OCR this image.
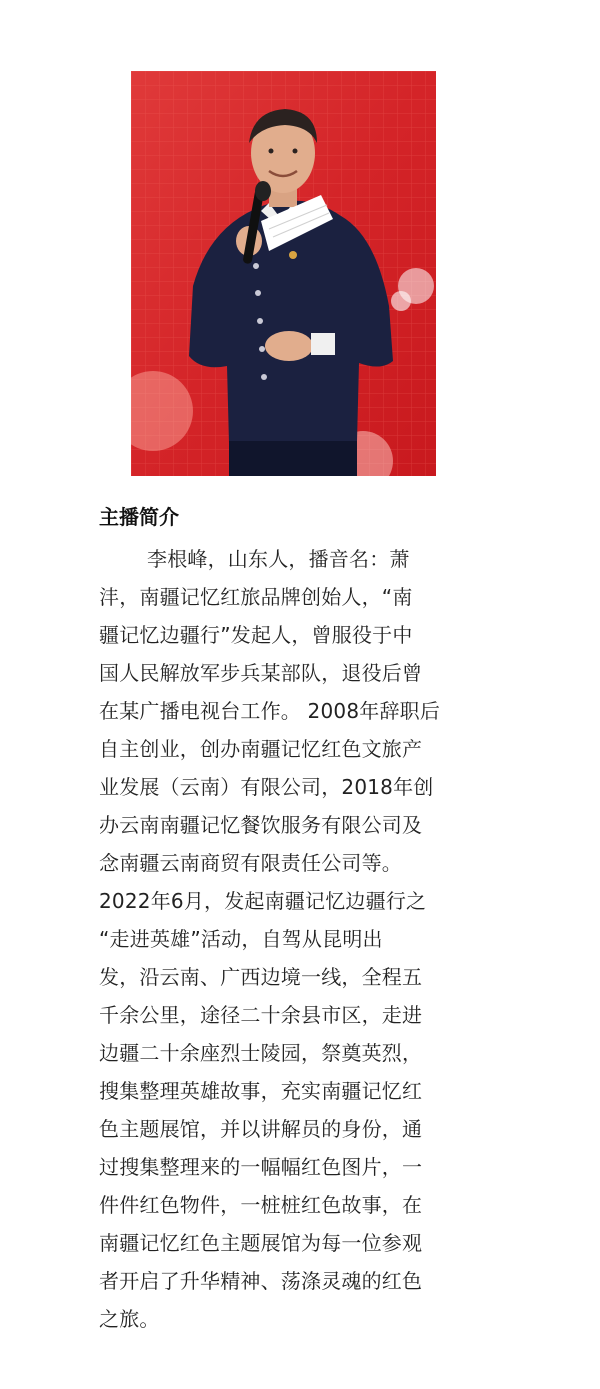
主播简介
李根峰，山东人，播音名：萧
沣，南疆记忆红旅品牌创始人，“南
疆记忆边疆行”发起人，曾服役于中
国人民解放军步兵某部队，退役后曾
在某广播电视台工作。 2008年辞职后
自主创业，创办南疆记忆红色文旅产
业发展（云南）有限公司，2018年创
办云南南疆记忆餐饮服务有限公司及
念南疆云南商贸有限责任公司等。
2022年6月，发起南疆记忆边疆行之
“走进英雄”活动，自驾从昆明出
发，沿云南、广西边境一线，全程五
千余公里，途径二十余县市区，走进
边疆二十余座烈士陵园，祭奠英烈，
搜集整理英雄故事，充实南疆记忆红
色主题展馆，并以讲解员的身份，通
过搜集整理来的一幅幅红色图片，一
件件红色物件，一桩桩红色故事，在
南疆记忆红色主题展馆为每一位参观
者开启了升华精神、荡涤灵魂的红色
之旅。
